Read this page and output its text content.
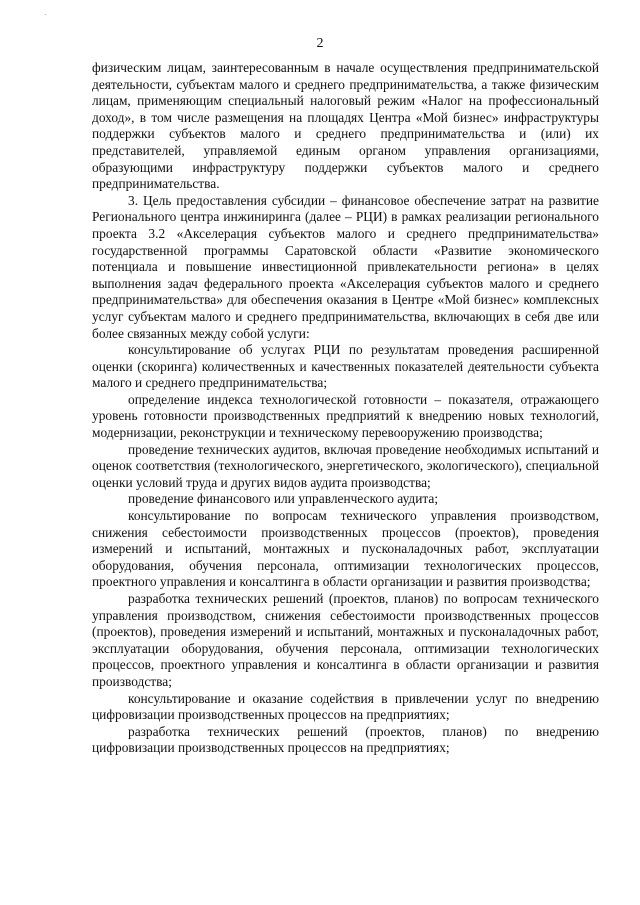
·
2

физическим лицам, заинтересованным в начале осуществления предпринимательской деятельности, субъектам малого и среднего предпринимательства, а также физическим лицам, применяющим специальный налоговый режим «Налог на профессиональный доход», в том числе размещения на площадях Центра «Мой бизнес» инфраструктуры поддержки субъектов малого и среднего предпринимательства и (или) их представителей, управляемой единым органом управления организациями, образующими инфраструктуру поддержки субъектов малого и среднего предпринимательства.

3. Цель предоставления субсидии – финансовое обеспечение затрат на развитие Регионального центра инжиниринга (далее – РЦИ) в рамках реализации регионального проекта 3.2 «Акселерация субъектов малого и среднего предпринимательства» государственной программы Саратовской области «Развитие экономического потенциала и повышение инвестиционной привлекательности региона» в целях выполнения задач федерального проекта «Акселерация субъектов малого и среднего предпринимательства» для обеспечения оказания в Центре «Мой бизнес» комплексных услуг субъектам малого и среднего предпринимательства, включающих в себя две или более связанных между собой услуги:

консультирование об услугах РЦИ по результатам проведения расширенной оценки (скоринга) количественных и качественных показателей деятельности субъекта малого и среднего предпринимательства;

определение индекса технологической готовности – показателя, отражающего уровень готовности производственных предприятий к внедрению новых технологий, модернизации, реконструкции и техническому перевооружению производства;

проведение технических аудитов, включая проведение необходимых испытаний и оценок соответствия (технологического, энергетического, экологического), специальной оценки условий труда и других видов аудита производства;

проведение финансового или управленческого аудита;

консультирование по вопросам технического управления производством, снижения себестоимости производственных процессов (проектов), проведения измерений и испытаний, монтажных и пусконаладочных работ, эксплуатации оборудования, обучения персонала, оптимизации технологических процессов, проектного управления и консалтинга в области организации и развития производства;

разработка технических решений (проектов, планов) по вопросам технического управления производством, снижения себестоимости производственных процессов (проектов), проведения измерений и испытаний, монтажных и пусконаладочных работ, эксплуатации оборудования, обучения персонала, оптимизации технологических процессов, проектного управления и консалтинга в области организации и развития производства;

консультирование и оказание содействия в привлечении услуг по внедрению цифровизации производственных процессов на предприятиях;

разработка технических решений (проектов, планов) по внедрению цифровизации производственных процессов на предприятиях;
